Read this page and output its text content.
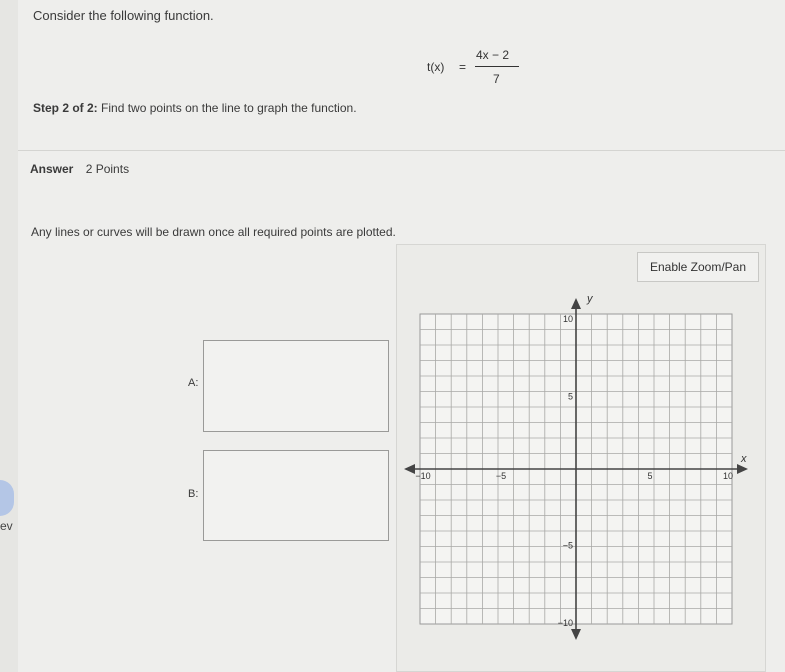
ev
Consider the following function.
t(x) =
4x − 2
7
Step 2 of 2: Find two points on the line to graph the function.
Answer 2 Points
Any lines or curves will be drawn once all required points are plotted.
A:
B:
Enable Zoom/Pan
x
y
−10	−5	5	10
10
5
−5
−10
